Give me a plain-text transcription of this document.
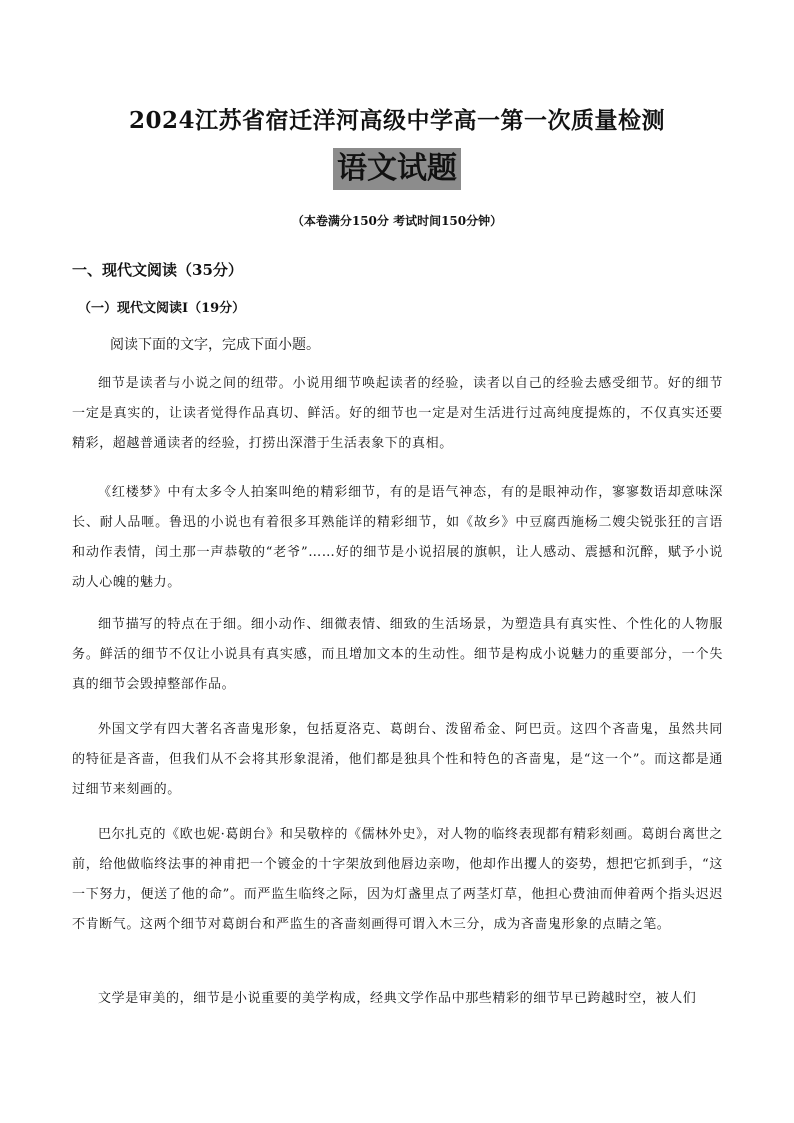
2024江苏省宿迁洋河高级中学高一第一次质量检测
语文试题
（本卷满分150分 考试时间150分钟）
一、现代文阅读（35分）
（一）现代文阅读I（19分）
阅读下面的文字，完成下面小题。

细节是读者与小说之间的纽带。小说用细节唤起读者的经验，读者以自己的经验去感受细节。好的细节一定是真实的，让读者觉得作品真切、鲜活。好的细节也一定是对生活进行过高纯度提炼的，不仅真实还要精彩，超越普通读者的经验，打捞出深潜于生活表象下的真相。

《红楼梦》中有太多令人拍案叫绝的精彩细节，有的是语气神态，有的是眼神动作，寥寥数语却意味深长、耐人品咂。鲁迅的小说也有着很多耳熟能详的精彩细节，如《故乡》中豆腐西施杨二嫂尖锐张狂的言语和动作表情，闰土那一声恭敬的“老爷”……好的细节是小说招展的旗帜，让人感动、震撼和沉醉，赋予小说动人心魄的魅力。

细节描写的特点在于细。细小动作、细微表情、细致的生活场景，为塑造具有真实性、个性化的人物服务。鲜活的细节不仅让小说具有真实感，而且增加文本的生动性。细节是构成小说魅力的重要部分，一个失真的细节会毁掉整部作品。

外国文学有四大著名吝啬鬼形象，包括夏洛克、葛朗台、泼留希金、阿巴贡。这四个吝啬鬼，虽然共同的特征是吝啬，但我们从不会将其形象混淆，他们都是独具个性和特色的吝啬鬼，是“这一个”。而这都是通过细节来刻画的。

巴尔扎克的《欧也妮·葛朗台》和吴敬梓的《儒林外史》，对人物的临终表现都有精彩刻画。葛朗台离世之前，给他做临终法事的神甫把一个镀金的十字架放到他唇边亲吻，他却作出攫人的姿势，想把它抓到手，“这一下努力，便送了他的命”。而严监生临终之际，因为灯盏里点了两茎灯草，他担心费油而伸着两个指头迟迟不肯断气。这两个细节对葛朗台和严监生的吝啬刻画得可谓入木三分，成为吝啬鬼形象的点睛之笔。

文学是审美的，细节是小说重要的美学构成，经典文学作品中那些精彩的细节早已跨越时空，被人们
